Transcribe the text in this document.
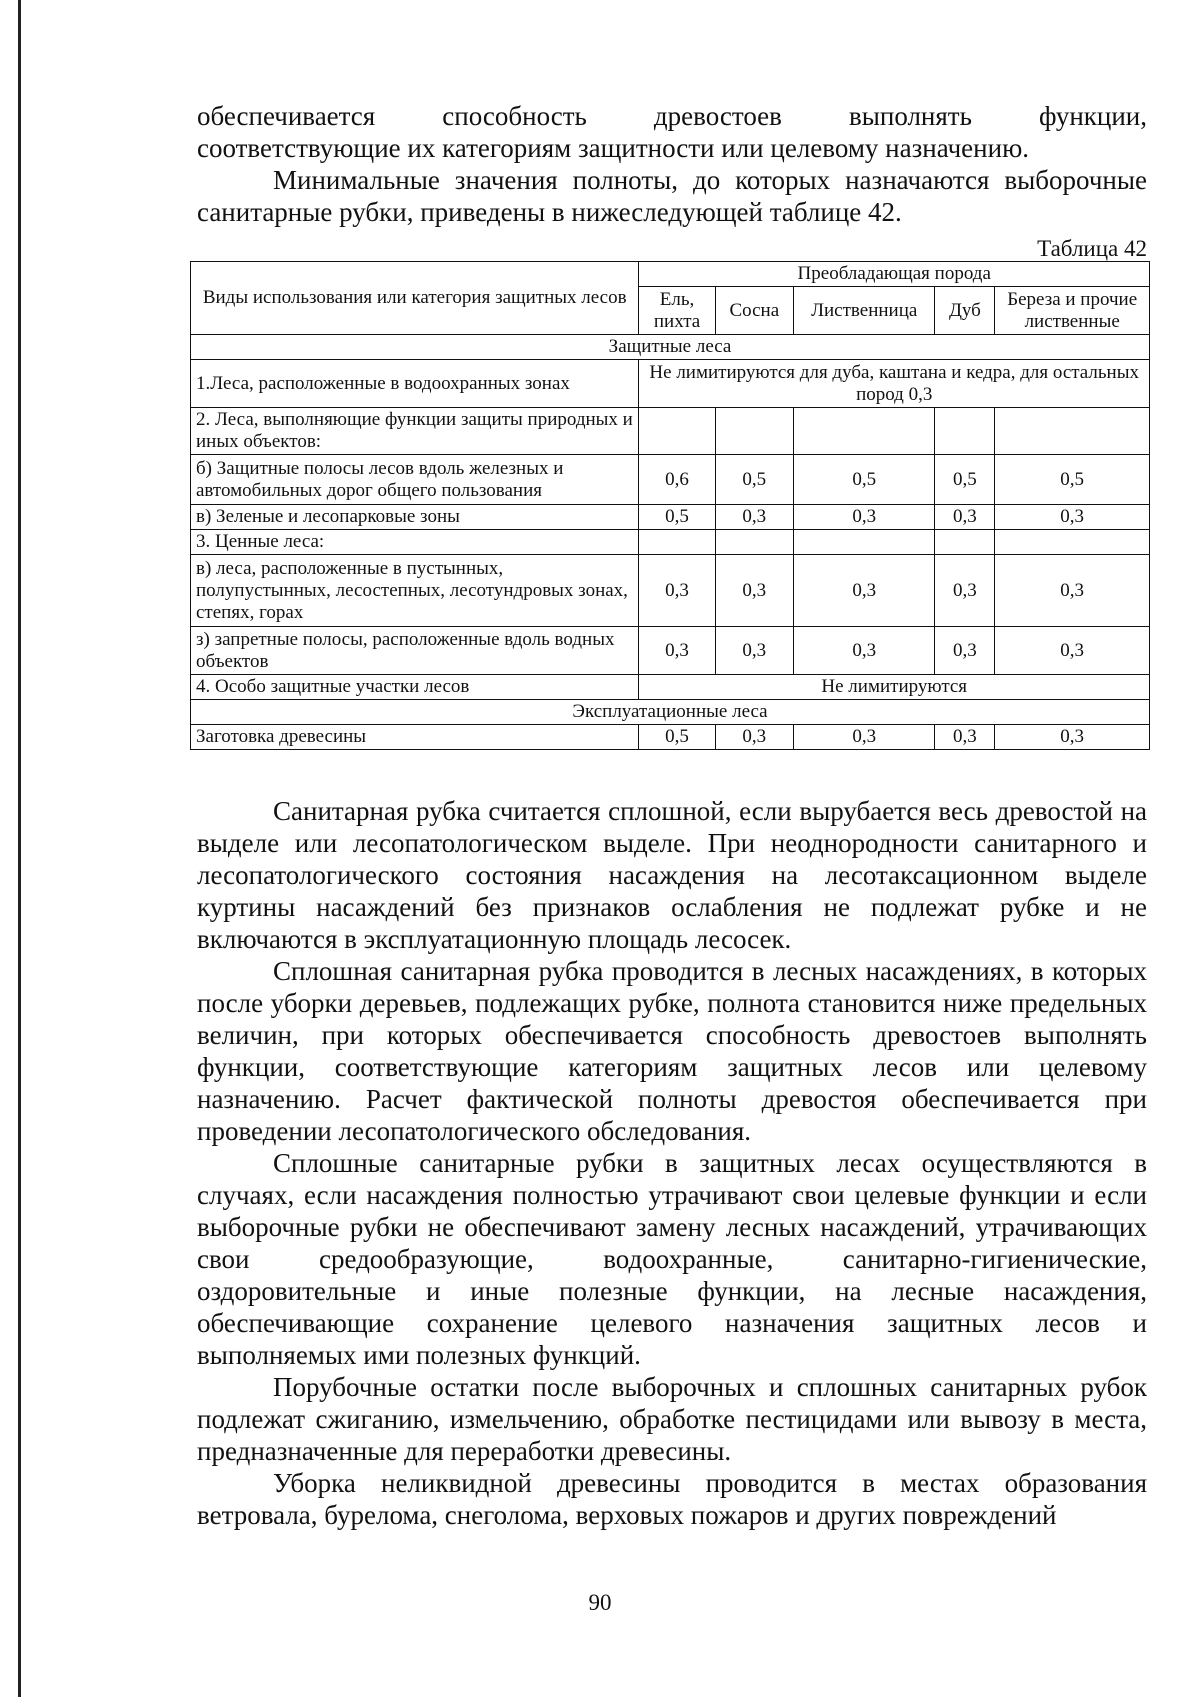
обеспечивается способность древостоев выполнять функции,

соответствующие их категориям защитности или целевому назначению.

Минимальные значения полноты, до которых назначаются выборочные санитарные рубки, приведены в нижеследующей таблице 42.

Таблица 42
Виды использования или категория защитных лесов	Преобладающая порода				
	Ель, пихта	Сосна	Лиственница	Дуб	Береза и прочие лиственные
Защитные леса					
1.Леса, расположенные в водоохранных зонах	Не лимитируются для дуба, каштана и кедра, для остальных пород 0,3				
2. Леса, выполняющие функции защиты природных и иных объектов:					
б) Защитные полосы лесов вдоль железных и автомобильных дорог общего пользования	0,6	0,5	0,5	0,5	0,5
в) Зеленые и лесопарковые зоны	0,5	0,3	0,3	0,3	0,3
3. Ценные леса:					
в) леса, расположенные в пустынных, полупустынных, лесостепных, лесотундровых зонах, степях, горах	0,3	0,3	0,3	0,3	0,3
з) запретные полосы, расположенные вдоль водных объектов	0,3	0,3	0,3	0,3	0,3
4. Особо защитные участки лесов	Не лимитируются				
Эксплуатационные леса					
Заготовка древесины	0,5	0,3	0,3	0,3	0,3

Санитарная рубка считается сплошной, если вырубается весь древостой на выделе или лесопатологическом выделе. При неоднородности санитарного и лесопатологического состояния насаждения на лесотаксационном выделе куртины насаждений без признаков ослабления не подлежат рубке и не включаются в эксплуатационную площадь лесосек.

Сплошная санитарная рубка проводится в лесных насаждениях, в которых после уборки деревьев, подлежащих рубке, полнота становится ниже предельных величин, при которых обеспечивается способность древостоев выполнять функции, соответствующие категориям защитных лесов или целевому назначению. Расчет фактической полноты древостоя обеспечивается при проведении лесопатологического обследования.

Сплошные санитарные рубки в защитных лесах осуществляются в случаях, если насаждения полностью утрачивают свои целевые функции и если выборочные рубки не обеспечивают замену лесных насаждений, утрачивающих свои средообразующие, водоохранные, санитарно-гигиенические, оздоровительные и иные полезные функции, на лесные насаждения, обеспечивающие сохранение целевого назначения защитных лесов и выполняемых ими полезных функций.

Порубочные остатки после выборочных и сплошных санитарных рубок подлежат сжиганию, измельчению, обработке пестицидами или вывозу в места, предназначенные для переработки древесины.

Уборка неликвидной древесины проводится в местах образования ветровала, бурелома, снеголома, верховых пожаров и других повреждений

90
